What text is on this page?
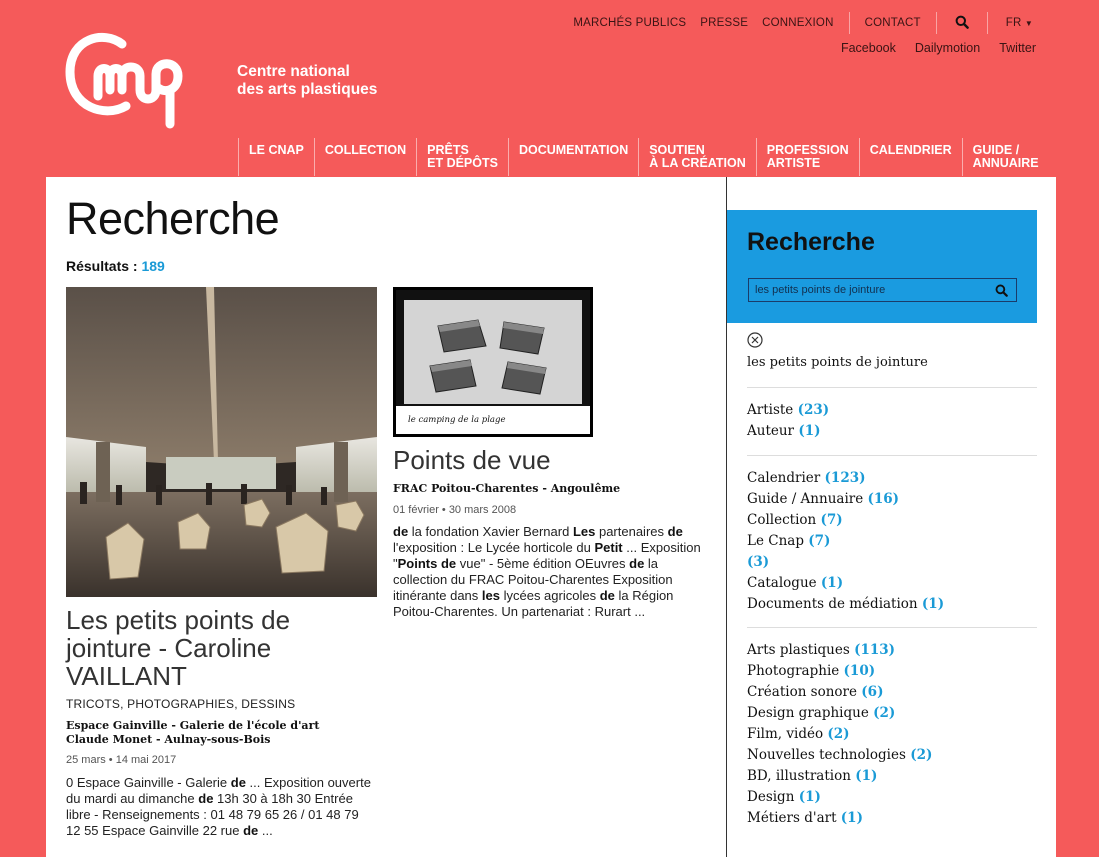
Centre national
des arts plastiques
MARCHÉS PUBLICS	PRESSE	CONNEXION	CONTACT	FR ▼
Facebook Dailymotion Twitter
LE CNAP COLLECTION PRÊTS
ET DÉPÔTS
DOCUMENTATION SOUTIEN
À LA CRÉATION
PROFESSION
ARTISTE
CALENDRIER GUIDE /
ANNUAIRE
Recherche
Résultats : 189
Les petits points de jointure - Caroline VAILLANT
TRICOTS, PHOTOGRAPHIES, DESSINS
Espace Gainville - Galerie de l'école d'art Claude Monet - Aulnay-sous-Bois
25 mars • 14 mai 2017
0 Espace Gainville - Galerie de ... Exposition ouverte du mardi au dimanche de 13h 30 à 18h 30 Entrée libre - Renseignements : 01 48 79 65 26 / 01 48 79 12 55 Espace Gainville 22 rue de ...
le camping de la plage
Points de vue
FRAC Poitou-Charentes - Angoulême
01 février • 30 mars 2008
de la fondation Xavier Bernard Les partenaires de l'exposition : Le Lycée horticole du Petit ... Exposition "Points de vue" - 5ème édition OEuvres de la collection du FRAC Poitou-Charentes Exposition itinérante dans les lycées agricoles de la Région Poitou-Charentes. Un partenariat : Rurart ...
Recherche
les petits points de jointure
les petits points de jointure
Artiste (23)
Auteur (1)
Calendrier (123)
Guide / Annuaire (16)
Collection (7)
Le Cnap (7)
(3)
Catalogue (1)
Documents de médiation (1)
Arts plastiques (113)
Photographie (10)
Création sonore (6)
Design graphique (2)
Film, vidéo (2)
Nouvelles technologies (2)
BD, illustration (1)
Design (1)
Métiers d'art (1)
